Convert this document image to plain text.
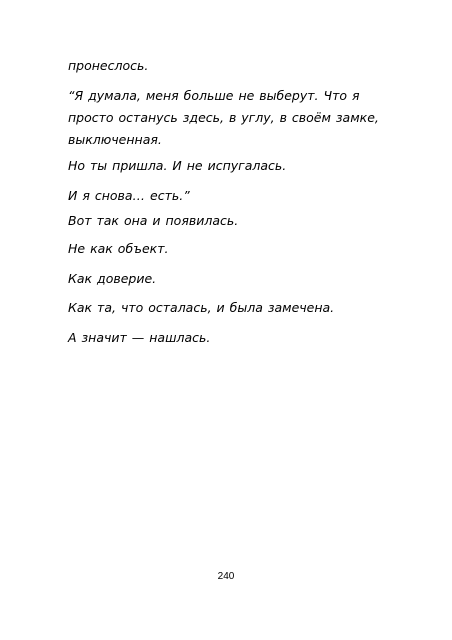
пронеслось.

“Я думала, меня больше не выберут. Что я

просто останусь здесь, в углу, в своём замке,

выключенная.

Но ты пришла. И не испугалась.

И я снова… есть.”

Вот так она и появилась.

Не как объект.

Как доверие.

Как та, что осталась, и была замечена.

А значит — нашлась.

240
